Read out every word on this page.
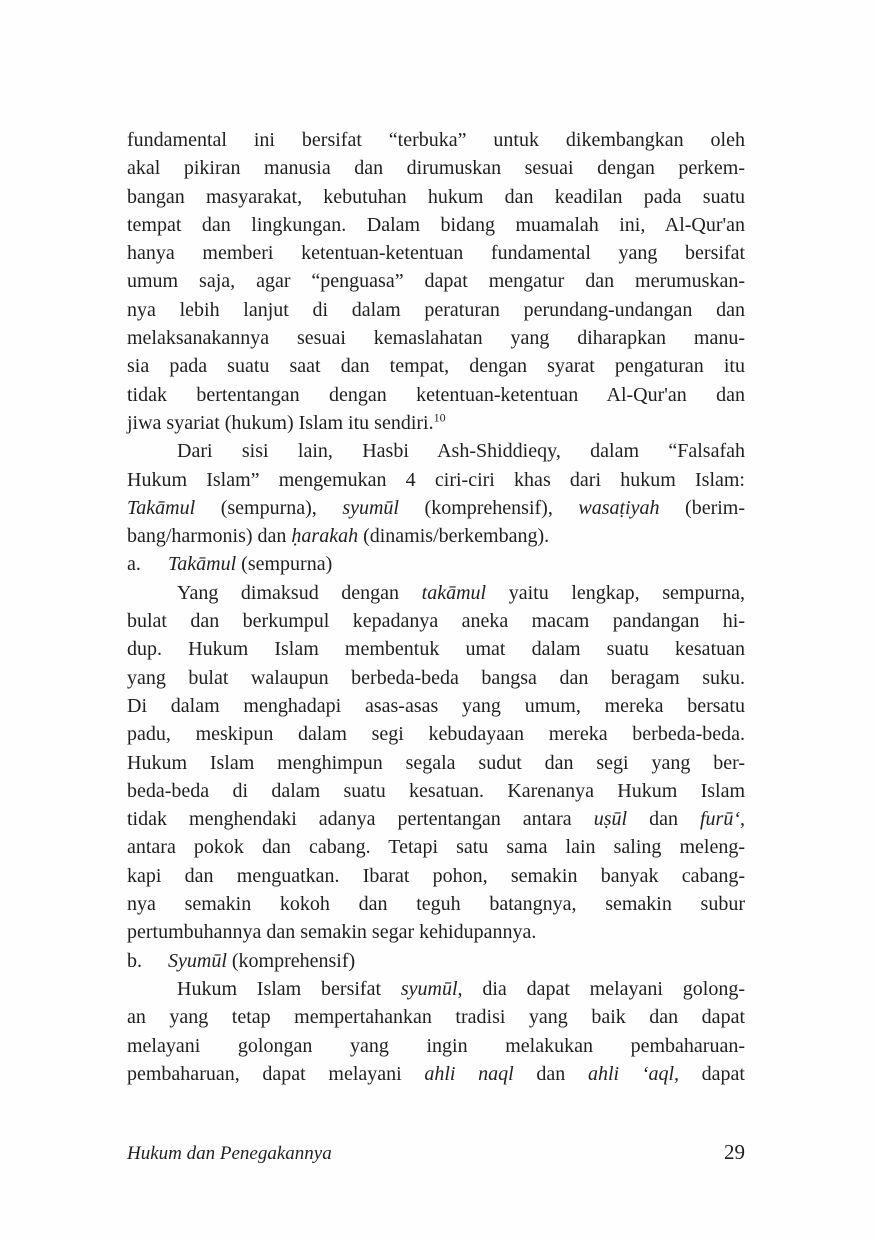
fundamental ini bersifat “terbuka” untuk dikembangkan oleh
akal pikiran manusia dan dirumuskan sesuai dengan perkem-
bangan masyarakat, kebutuhan hukum dan keadilan pada suatu
tempat dan lingkungan. Dalam bidang muamalah ini, Al-Qur'an
hanya memberi ketentuan-ketentuan fundamental yang bersifat
umum saja, agar “penguasa” dapat mengatur dan merumuskan-
nya lebih lanjut di dalam peraturan perundang-undangan dan
melaksanakannya sesuai kemaslahatan yang diharapkan manu-
sia pada suatu saat dan tempat, dengan syarat pengaturan itu
tidak bertentangan dengan ketentuan-ketentuan Al-Qur'an dan
jiwa syariat (hukum) Islam itu sendiri.$^{10}$
Dari sisi lain, Hasbi Ash-Shiddieqy, dalam “Falsafah
Hukum Islam” mengemukan 4 ciri-ciri khas dari hukum Islam:
Takāmul (sempurna), syumūl (komprehensif), wasaṭiyah (berim-
bang/harmonis) dan ḥarakah (dinamis/berkembang).
a. Takāmul (sempurna)
Yang dimaksud dengan takāmul yaitu lengkap, sempurna,
bulat dan berkumpul kepadanya aneka macam pandangan hi-
dup. Hukum Islam membentuk umat dalam suatu kesatuan
yang bulat walaupun berbeda-beda bangsa dan beragam suku.
Di dalam menghadapi asas-asas yang umum, mereka bersatu
padu, meskipun dalam segi kebudayaan mereka berbeda-beda.
Hukum Islam menghimpun segala sudut dan segi yang ber-
beda-beda di dalam suatu kesatuan. Karenanya Hukum Islam
tidak menghendaki adanya pertentangan antara uṣūl dan furū‘,
antara pokok dan cabang. Tetapi satu sama lain saling meleng-
kapi dan menguatkan. Ibarat pohon, semakin banyak cabang-
nya semakin kokoh dan teguh batangnya, semakin subur
pertumbuhannya dan semakin segar kehidupannya.
b. Syumūl (komprehensif)
Hukum Islam bersifat syumūl, dia dapat melayani golong-
an yang tetap mempertahankan tradisi yang baik dan dapat
melayani golongan yang ingin melakukan pembaharuan-
pembaharuan, dapat melayani ahli naql dan ahli ‘aql, dapat
Hukum dan Penegakannya	29
